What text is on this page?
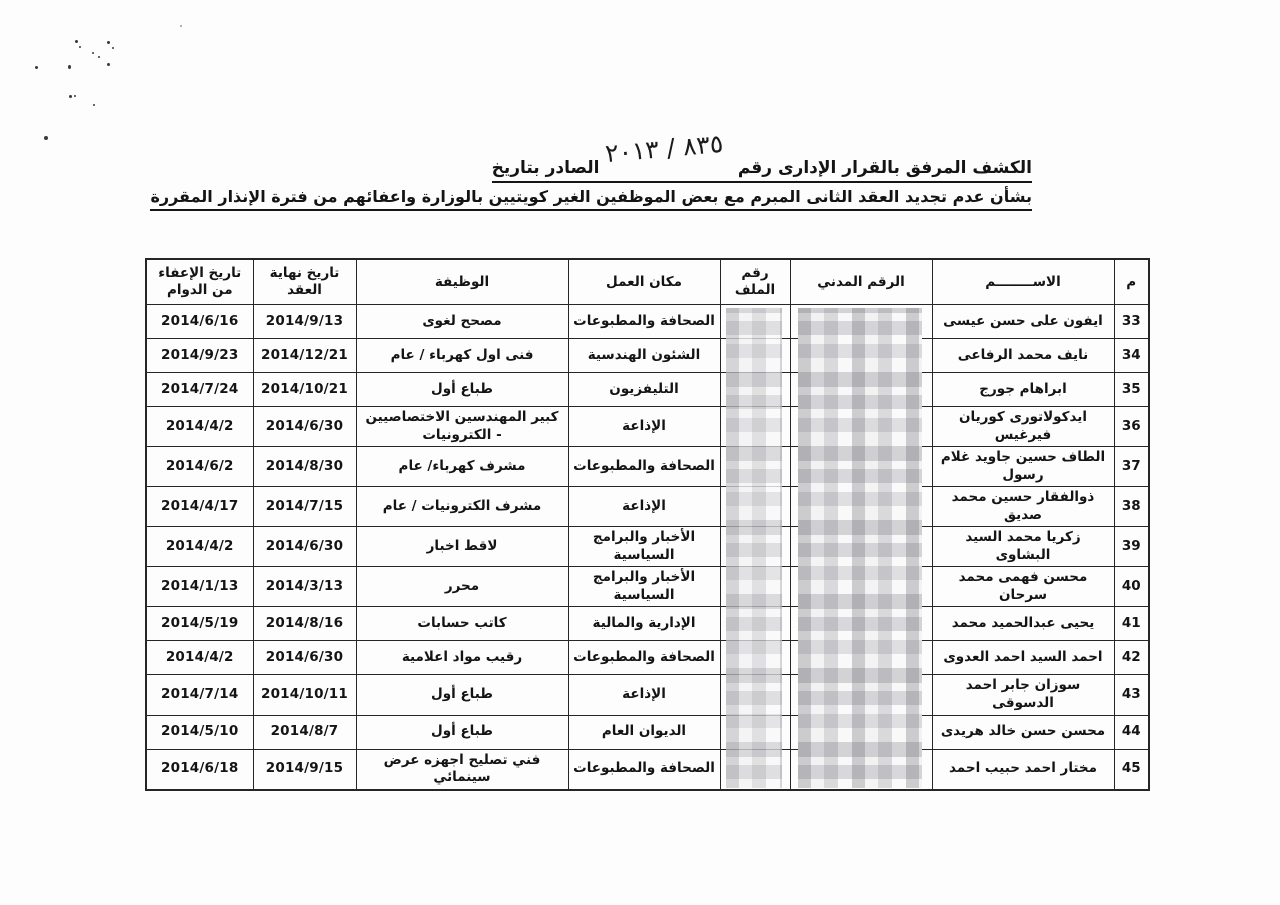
الكشف المرفق بالقرار الإدارى رقم٨٣٥ / ٢٠١٣الصادر بتاريخ
بشأن عدم تجديد العقد الثانى المبرم مع بعض الموظفين الغير كويتيين بالوزارة واعفائهم من فترة الإنذار المقررة
م	الاســــــــم	الرقم المدني	رقم الملف	مكان العمل	الوظيفة	تاريخ نهاية العقد	تاريخ الإعفاء من الدوام
33	ايفون على حسن عيسى			الصحافة والمطبوعات	مصحح لغوى	2014/9/13	2014/6/16
34	نايف محمد الرفاعى			الشئون الهندسية	فنى اول كهرباء / عام	2014/12/21	2014/9/23
35	ابراهام جورج			التليفزيون	طباع أول	2014/10/21	2014/7/24
36	ايدكولاتورى كوريان فيرغيس			الإذاعة	كبير المهندسين الاختصاصيين - الكترونيات	2014/6/30	2014/4/2
37	الطاف حسين جاويد غلام رسول			الصحافة والمطبوعات	مشرف كهرباء/ عام	2014/8/30	2014/6/2
38	ذوالفقار حسين محمد صديق			الإذاعة	مشرف الكترونيات / عام	2014/7/15	2014/4/17
39	زكريا محمد السيد البشاوى			الأخبار والبرامج السياسية	لاقط اخبار	2014/6/30	2014/4/2
40	محسن فهمى محمد سرحان			الأخبار والبرامج السياسية	محرر	2014/3/13	2014/1/13
41	يحيى عبدالحميد محمد			الإدارية والمالية	كاتب حسابات	2014/8/16	2014/5/19
42	احمد السيد احمد العدوى			الصحافة والمطبوعات	رقيب مواد اعلامية	2014/6/30	2014/4/2
43	سوزان جابر احمد الدسوقى			الإذاعة	طباع أول	2014/10/11	2014/7/14
44	محسن حسن خالد هريدى			الديوان العام	طباع أول	2014/8/7	2014/5/10
45	مختار احمد حبيب احمد			الصحافة والمطبوعات	فني تصليح اجهزه عرض سينمائي	2014/9/15	2014/6/18
